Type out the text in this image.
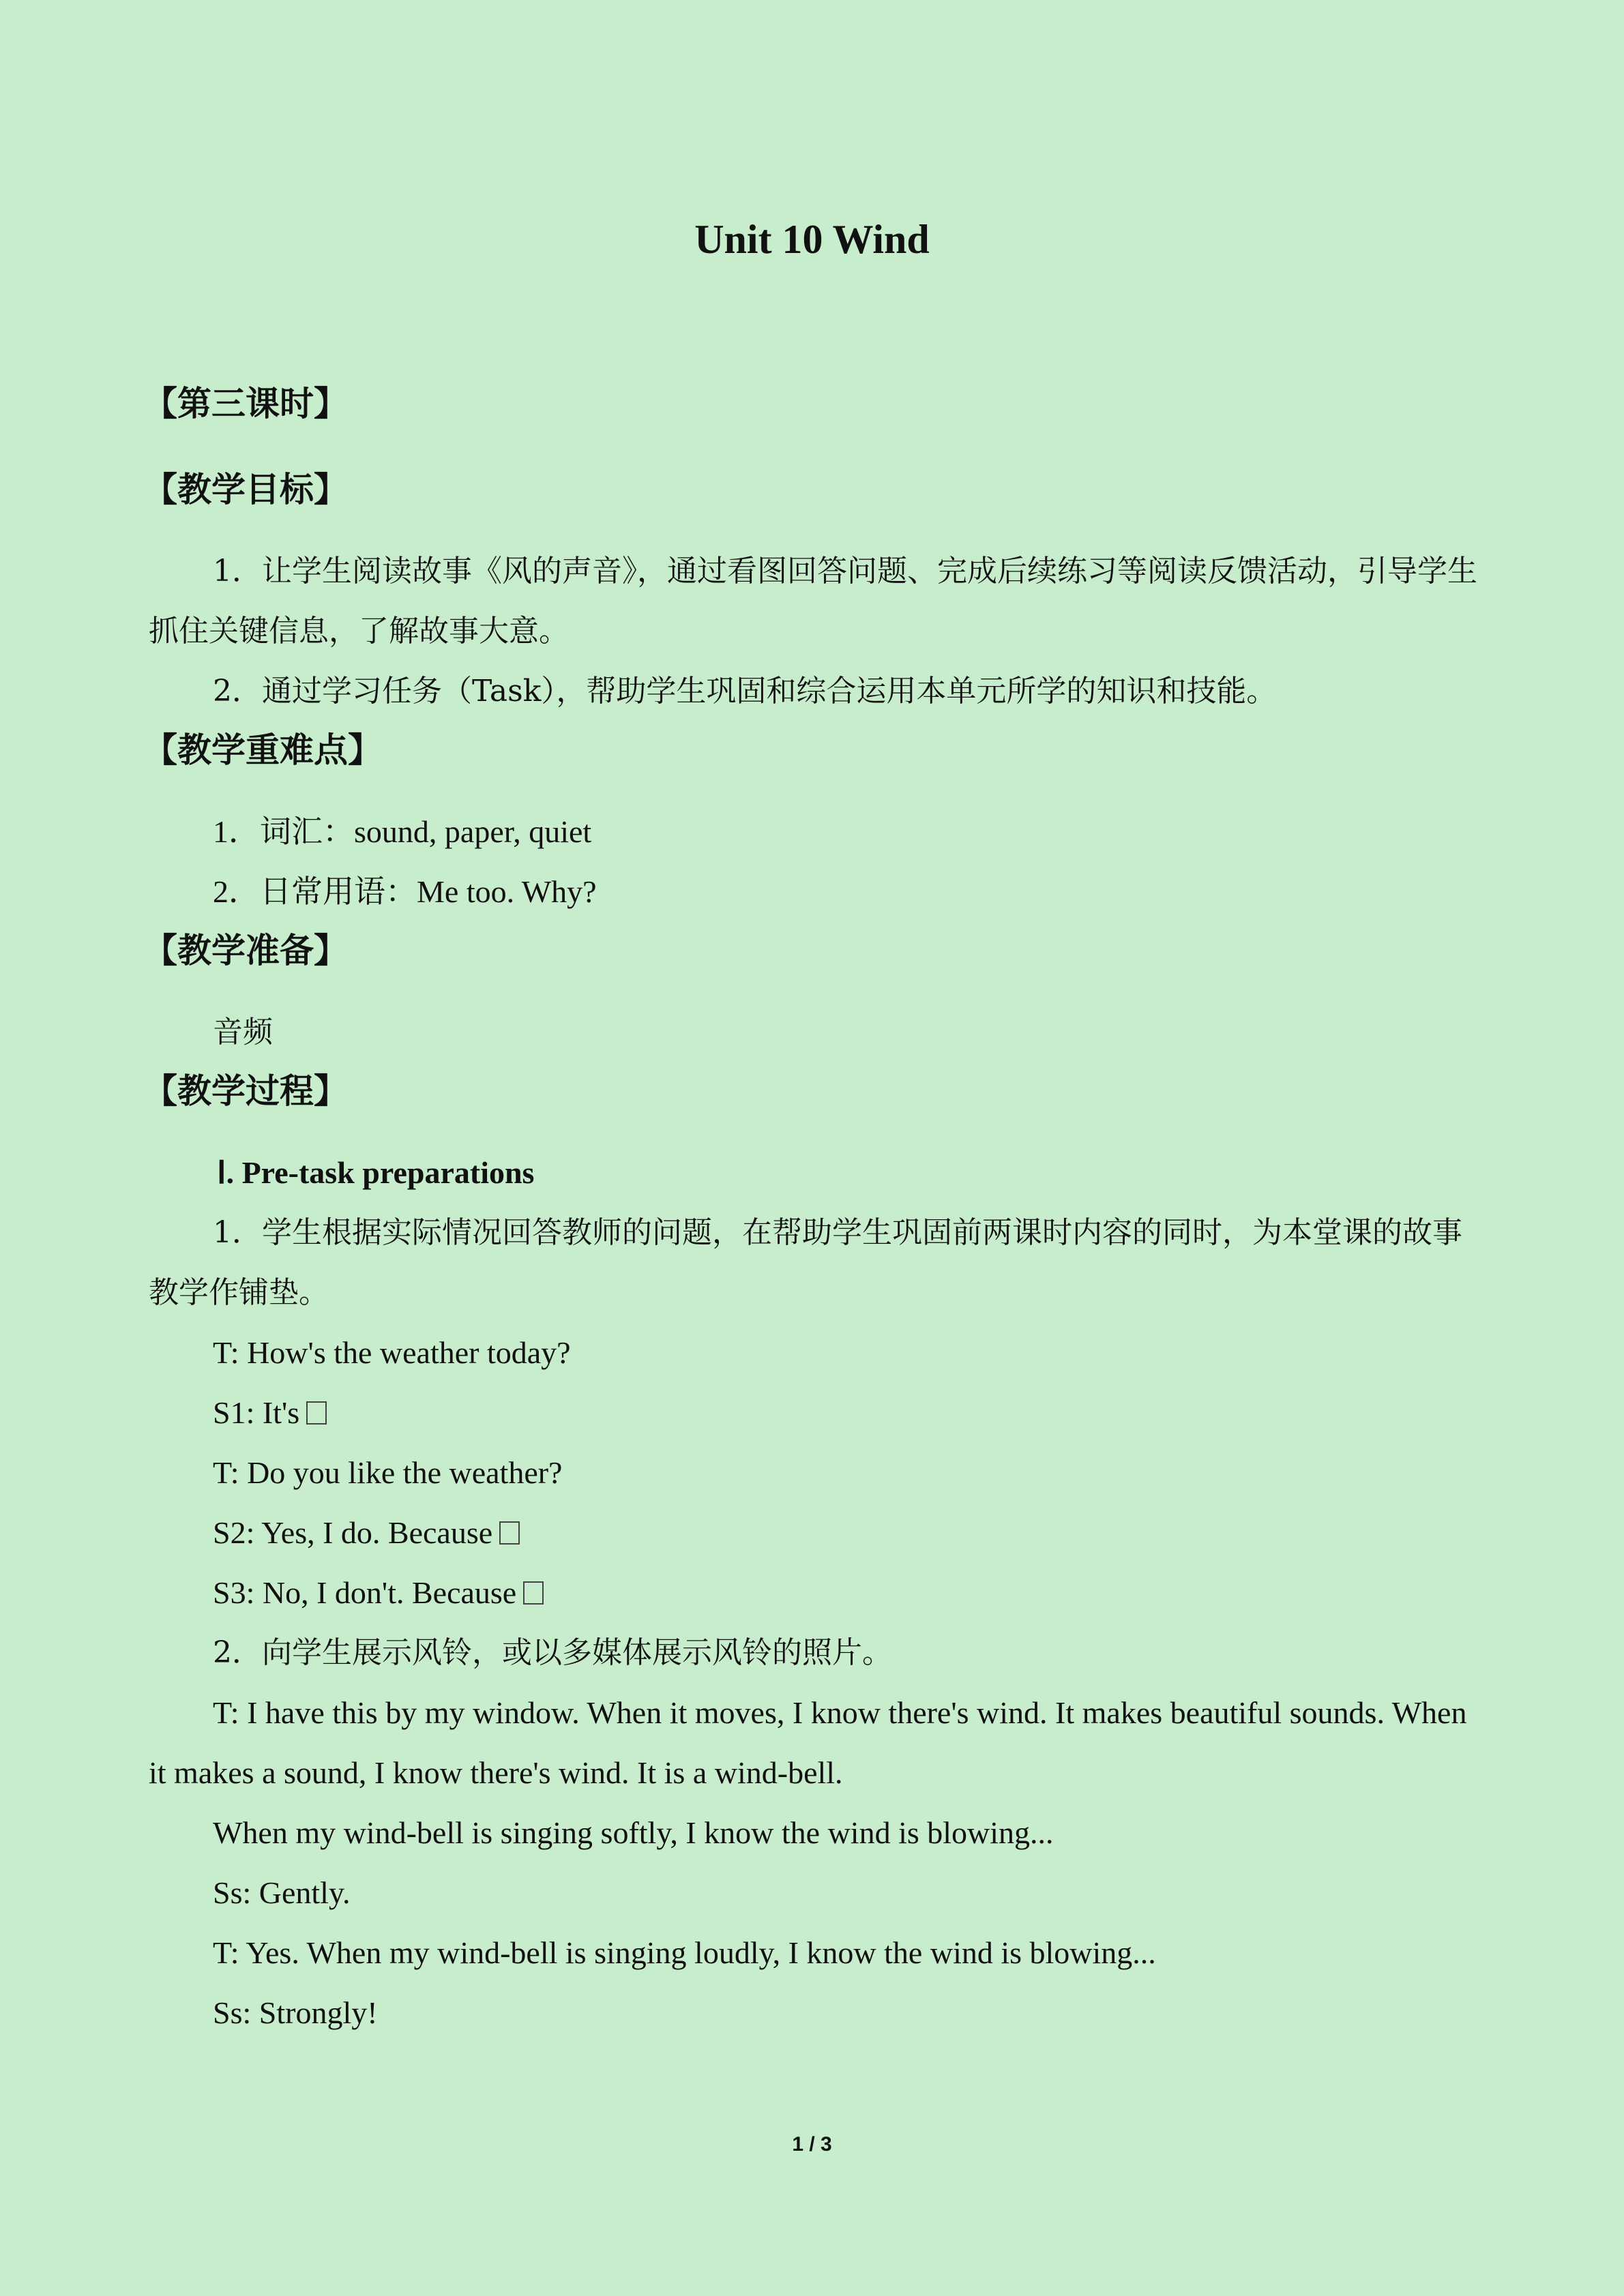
Unit 10 Wind
【第三课时】
【教学目标】

1．让学生阅读故事《风的声音》，通过看图回答问题、完成后续练习等阅读反馈活动，引导学生抓住关键信息，了解故事大意。

2．通过学习任务（Task），帮助学生巩固和综合运用本单元所学的知识和技能。

【教学重难点】

1．词汇：sound, paper, quiet

2．日常用语：Me too. Why?

【教学准备】

音频

【教学过程】

Ⅰ. Pre-task preparations

1．学生根据实际情况回答教师的问题，在帮助学生巩固前两课时内容的同时，为本堂课的故事教学作铺垫。

T: How's the weather today?

S1: It's

T: Do you like the weather?

S2: Yes, I do. Because

S3: No, I don't. Because

2．向学生展示风铃，或以多媒体展示风铃的照片。

T: I have this by my window. When it moves, I know there's wind. It makes beautiful sounds. When it makes a sound, I know there's wind. It is a wind-bell.

When my wind-bell is singing softly, I know the wind is blowing...

Ss: Gently.

T: Yes. When my wind-bell is singing loudly, I know the wind is blowing...

Ss: Strongly!

1 / 3
